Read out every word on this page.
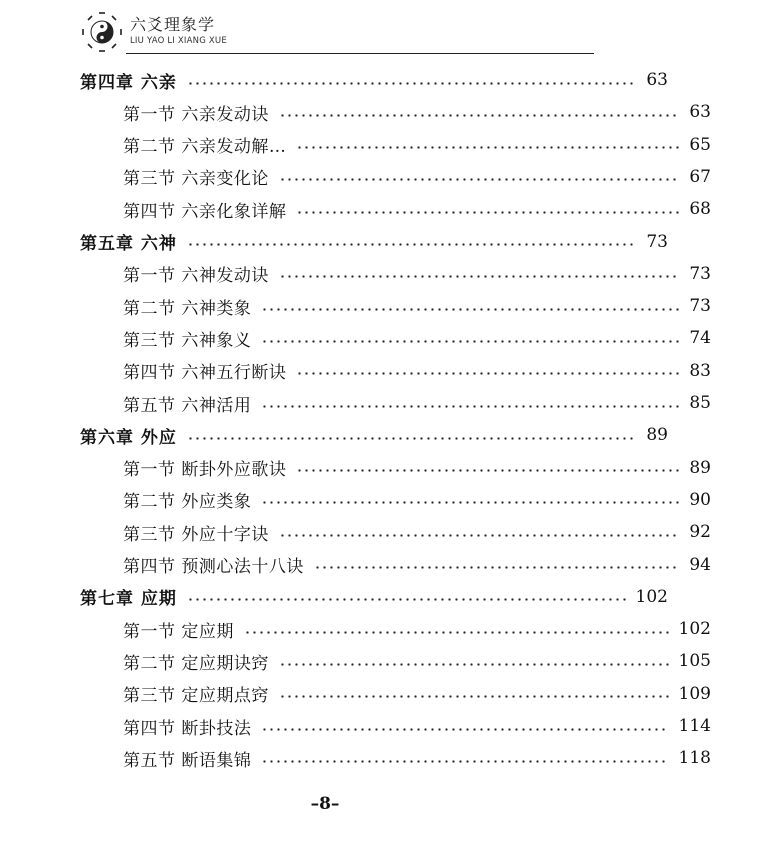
六爻理象学
LIU YAO LI XIANG XUE
第四章 六亲	63
第一节 六亲发动诀	63
第二节 六亲发动解…	65
第三节 六亲变化论	67
第四节 六亲化象详解	68
第五章 六神	73
第一节 六神发动诀	73
第二节 六神类象	73
第三节 六神象义	74
第四节 六神五行断诀	83
第五节 六神活用	85
第六章 外应	89
第一节 断卦外应歌诀	89
第二节 外应类象	90
第三节 外应十字诀	92
第四节 预测心法十八诀	94
第七章 应期	102
第一节 定应期	102
第二节 定应期诀窍	105
第三节 定应期点窍	109
第四节 断卦技法	114
第五节 断语集锦	118
–8–
